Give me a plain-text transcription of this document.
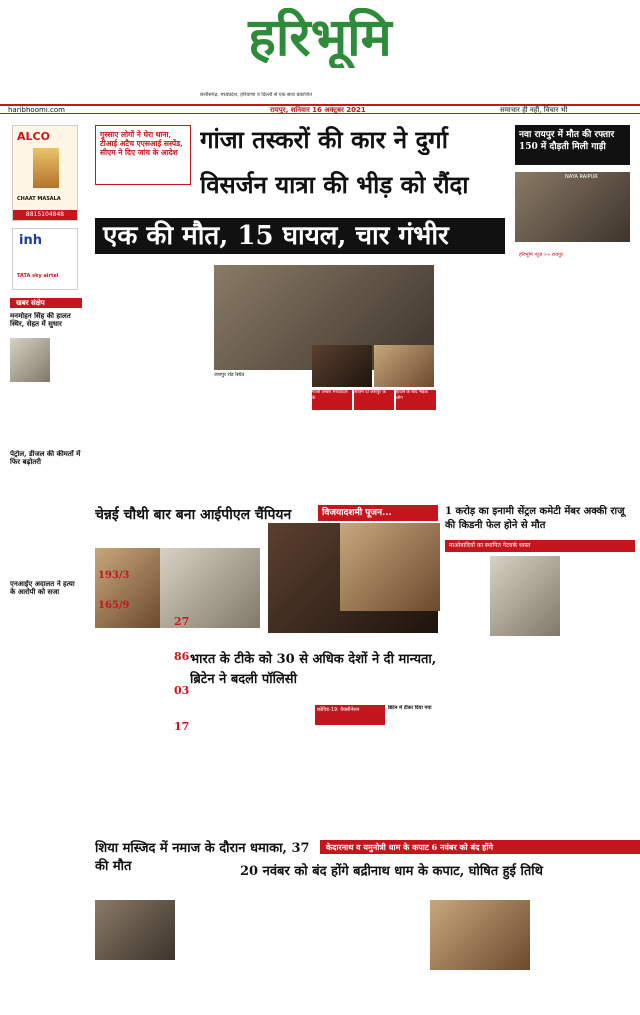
हरिभूमि
छत्तीसगढ़, मध्यप्रदेश, हरियाणा व दिल्ली से एक साथ प्रकाशित
haribhoomi.com	रायपुर, शनिवार 16 अक्टूबर 2021	समाचार ही नहीं, विचार भी
ALCO
CHAAT MASALA
8815104848
inh
TATA sky airtel
खबर संक्षेप
मनमोहन सिंह की हालत स्थिर, सेहत में सुधार
पेट्रोल, डीजल की कीमतों में फिर बढ़ोतरी
एनआईए अदालत ने हत्या के आरोपी को सजा
गुस्साए लोगों ने घेरा थाना, टीआई अटैच एएसआई सस्पेंड, सीएम ने दिए जांच के आदेश गांजा तस्करों की कार ने दुर्गा
विसर्जन यात्रा की भीड़ को रौंदा
एक की मौत, 15 घायल, चार गंभीर
जशपुर रोड स्थित
गांजा तस्कर मध्यप्रदेश के
अंतिम दो जशपुर के	हादसे के बाद भड़के लोग
नवा रायपुर में मौत की रफ्तार 150 में दौड़ती मिली गाड़ी
NAYA RAIPUR
हरिभूमि न्यूज़ »» रायपुर
चेन्नई चौथी बार बना आईपीएल चैंपियन
193/3
165/9
27
86
03
17
विजयादशमी पूजन...	1 करोड़ का इनामी सेंट्रल कमेटी मेंबर अक्की राजू की किडनी फेल होने से मौत
माओवादियों का स्थापित नेटवर्क ध्वस्त
भारत के टीके को 30 से अधिक देशों ने दी मान्यता, ब्रिटेन ने बदली पॉलिसी
कोविड-19: वैक्सीनेशन	ब्रिटेन में टीका दिया गया
शिया मस्जिद में नमाज के दौरान धमाका, 37 की मौत
केदारनाथ व यमुनोत्री धाम के कपाट 6 नवंबर को बंद होंगे
20 नवंबर को बंद होंगे बद्रीनाथ धाम के कपाट, घोषित हुई तिथि
